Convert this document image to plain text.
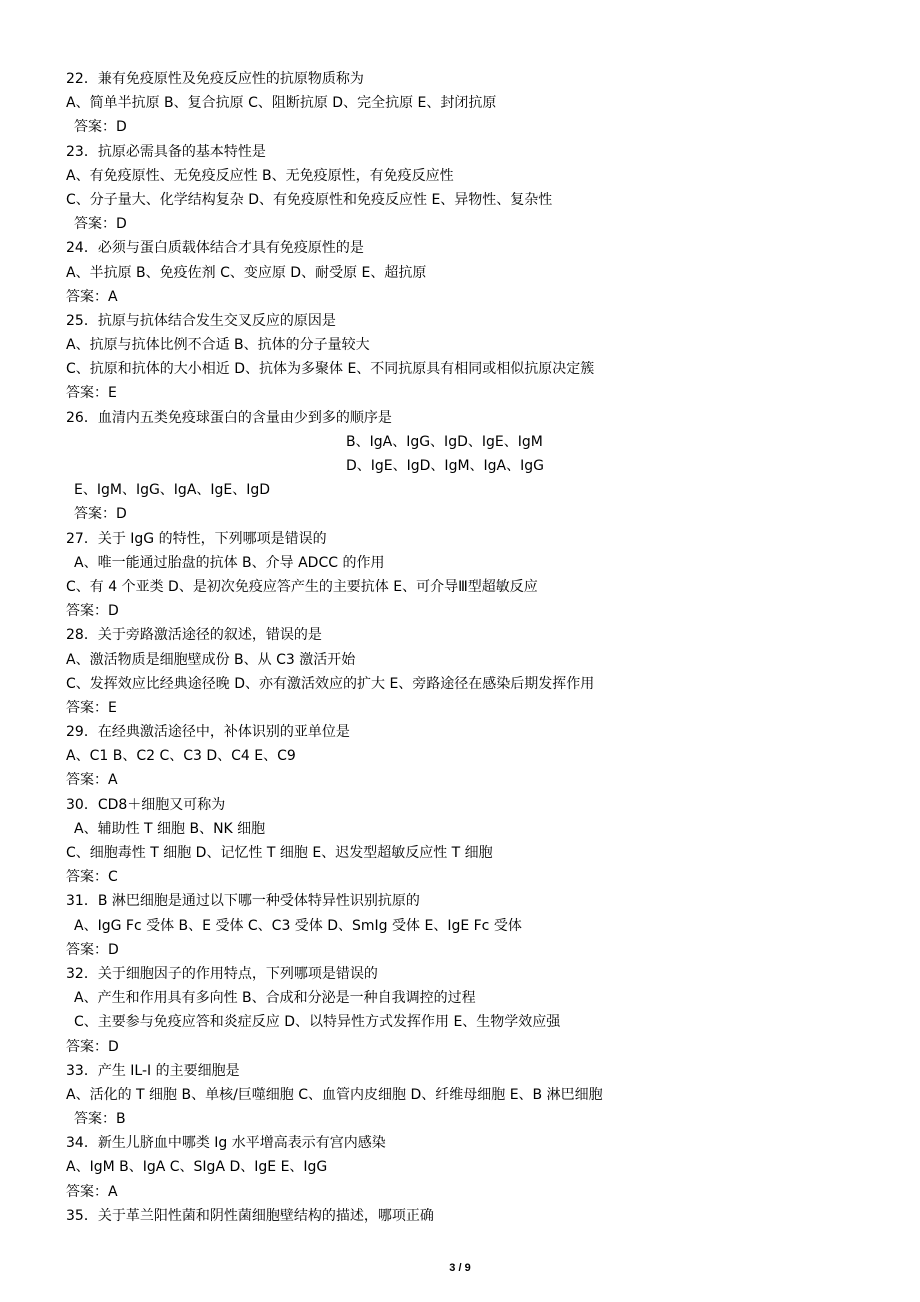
22．兼有免疫原性及免疫反应性的抗原物质称为
A、简单半抗原 B、复合抗原 C、阻断抗原 D、完全抗原 E、封闭抗原
答案：D
23．抗原必需具备的基本特性是
A、有免疫原性、无免疫反应性 B、无免疫原性，有免疫反应性
C、分子量大、化学结构复杂 D、有免疫原性和免疫反应性 E、异物性、复杂性
答案：D
24．必须与蛋白质载体结合才具有免疫原性的是
A、半抗原 B、免疫佐剂 C、变应原 D、耐受原 E、超抗原
答案：A
25．抗原与抗体结合发生交叉反应的原因是
A、抗原与抗体比例不合适 B、抗体的分子量较大
C、抗原和抗体的大小相近 D、抗体为多聚体 E、不同抗原具有相同或相似抗原决定簇
答案：E
26．血清内五类免疫球蛋白的含量由少到多的顺序是

B、IgA、IgG、IgD、IgE、IgM

D、IgE、IgD、IgM、IgA、IgG

E、IgM、IgG、IgA、IgE、IgD
答案：D
27．关于 IgG 的特性，下列哪项是错误的
A、唯一能通过胎盘的抗体 B、介导 ADCC 的作用
C、有 4 个亚类 D、是初次免疫应答产生的主要抗体 E、可介导Ⅲ型超敏反应
答案：D
28．关于旁路激活途径的叙述，错误的是
A、激活物质是细胞壁成份 B、从 C3 激活开始
C、发挥效应比经典途径晚 D、亦有激活效应的扩大 E、旁路途径在感染后期发挥作用
答案：E
29．在经典激活途径中，补体识别的亚单位是
A、C1 B、C2 C、C3 D、C4 E、C9
答案：A
30．CD8＋细胞又可称为
A、辅助性 T 细胞 B、NK 细胞
C、细胞毒性 T 细胞 D、记忆性 T 细胞 E、迟发型超敏反应性 T 细胞
答案：C
31．B 淋巴细胞是通过以下哪一种受体特异性识别抗原的
A、IgG Fc 受体 B、E 受体 C、C3 受体 D、SmIg 受体 E、IgE Fc 受体
答案：D
32．关于细胞因子的作用特点，下列哪项是错误的
A、产生和作用具有多向性 B、合成和分泌是一种自我调控的过程
C、主要参与免疫应答和炎症反应 D、以特异性方式发挥作用 E、生物学效应强
答案：D
33．产生 IL-I 的主要细胞是
A、活化的 T 细胞 B、单核/巨噬细胞 C、血管内皮细胞 D、纤维母细胞 E、B 淋巴细胞
答案：B
34．新生儿脐血中哪类 Ig 水平增高表示有宫内感染
A、IgM B、IgA C、SIgA D、IgE E、IgG
答案：A
35．关于革兰阳性菌和阴性菌细胞壁结构的描述，哪项正确
3 / 9
